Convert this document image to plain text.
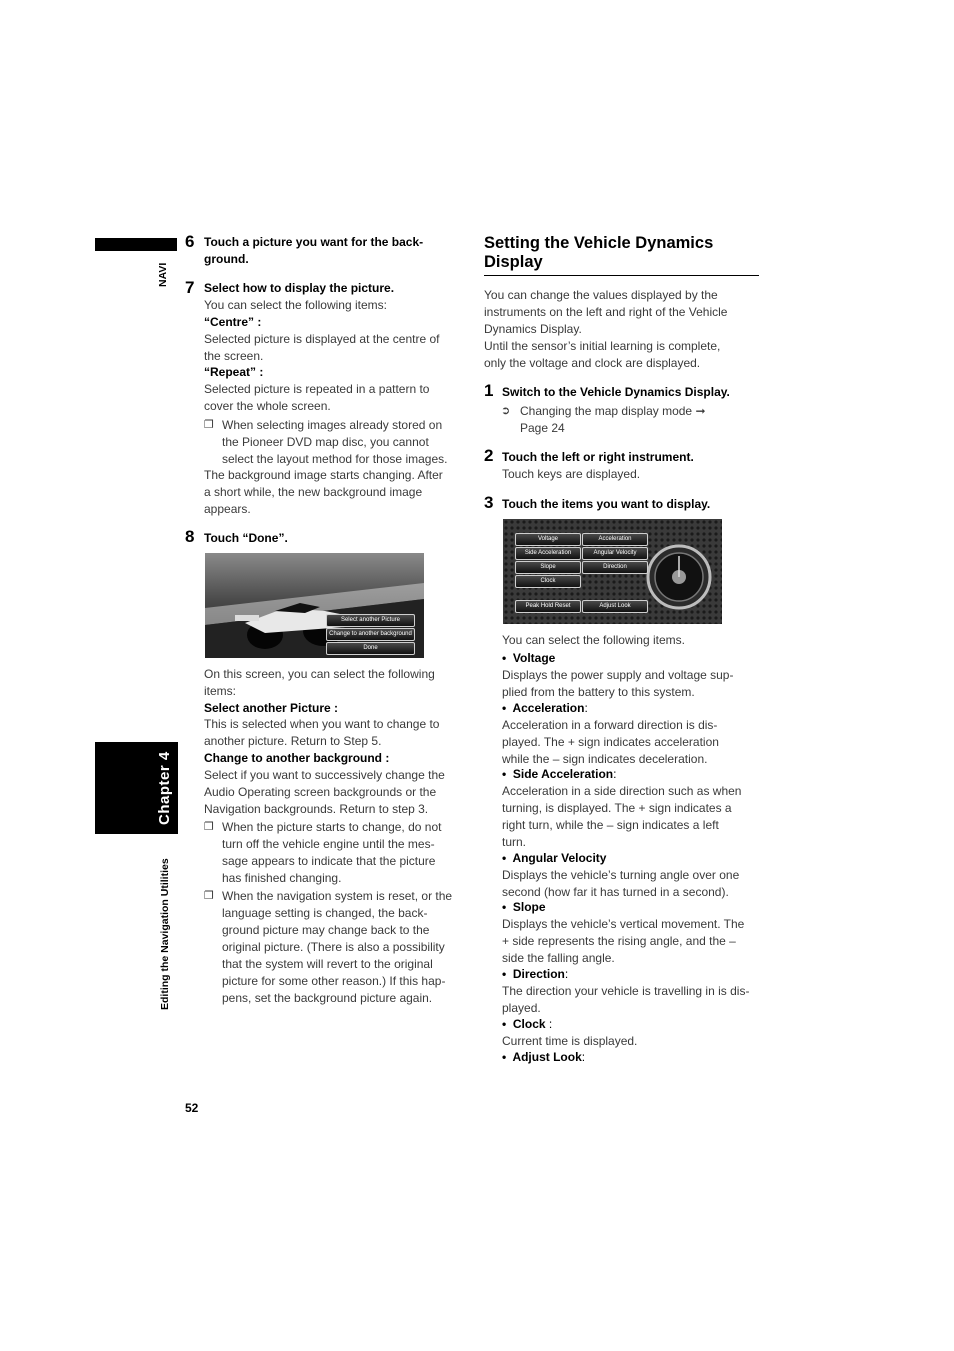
NAVI
Chapter 4
Editing the Navigation Utilities
6 Touch a picture you want for the back-
ground.
7 Select how to display the picture.
You can select the following items:
“Centre” :
Selected picture is displayed at the centre of
the screen.
“Repeat” :
Selected picture is repeated in a pattern to
cover the whole screen.
❐ When selecting images already stored on
the Pioneer DVD map disc, you cannot
select the layout method for those images.
The background image starts changing. After
a short while, the new background image
appears.
8 Touch “Done”.
Select another Picture
Change to another background
Done
On this screen, you can select the following
items:
Select another Picture :
This is selected when you want to change to
another picture. Return to Step 5.
Change to another background :
Select if you want to successively change the
Audio Operating screen backgrounds or the
Navigation backgrounds. Return to step 3.
❐ When the picture starts to change, do not
turn off the vehicle engine until the mes-
sage appears to indicate that the picture
has finished changing.
❐ When the navigation system is reset, or the
language setting is changed, the back-
ground picture may change back to the
original picture. (There is also a possibility
that the system will revert to the original
picture for some other reason.) If this hap-
pens, set the background picture again.
Setting the Vehicle Dynamics
Display
You can change the values displayed by the
instruments on the left and right of the Vehicle
Dynamics Display.
Until the sensor’s initial learning is complete,
only the voltage and clock are displayed.
1 Switch to the Vehicle Dynamics Display.
➲ Changing the map display mode ➞
Page 24
2 Touch the left or right instrument.
Touch keys are displayed.
3 Touch the items you want to display.
Voltage	Acceleration
Side Acceleration	Angular Velocity
Slope	Direction
Clock
Peak Hold Reset	Adjust Look
You can select the following items.
•  Voltage
Displays the power supply and voltage sup-
plied from the battery to this system.
•  Acceleration:
Acceleration in a forward direction is dis-
played. The + sign indicates acceleration
while the – sign indicates deceleration.
•  Side Acceleration:
Acceleration in a side direction such as when
turning, is displayed. The + sign indicates a
right turn, while the – sign indicates a left
turn.
•  Angular Velocity
Displays the vehicle’s turning angle over one
second (how far it has turned in a second).
•  Slope
Displays the vehicle’s vertical movement. The
+ side represents the rising angle, and the –
side the falling angle.
•  Direction:
The direction your vehicle is travelling in is dis-
played.
•  Clock :
Current time is displayed.
•  Adjust Look:
52
